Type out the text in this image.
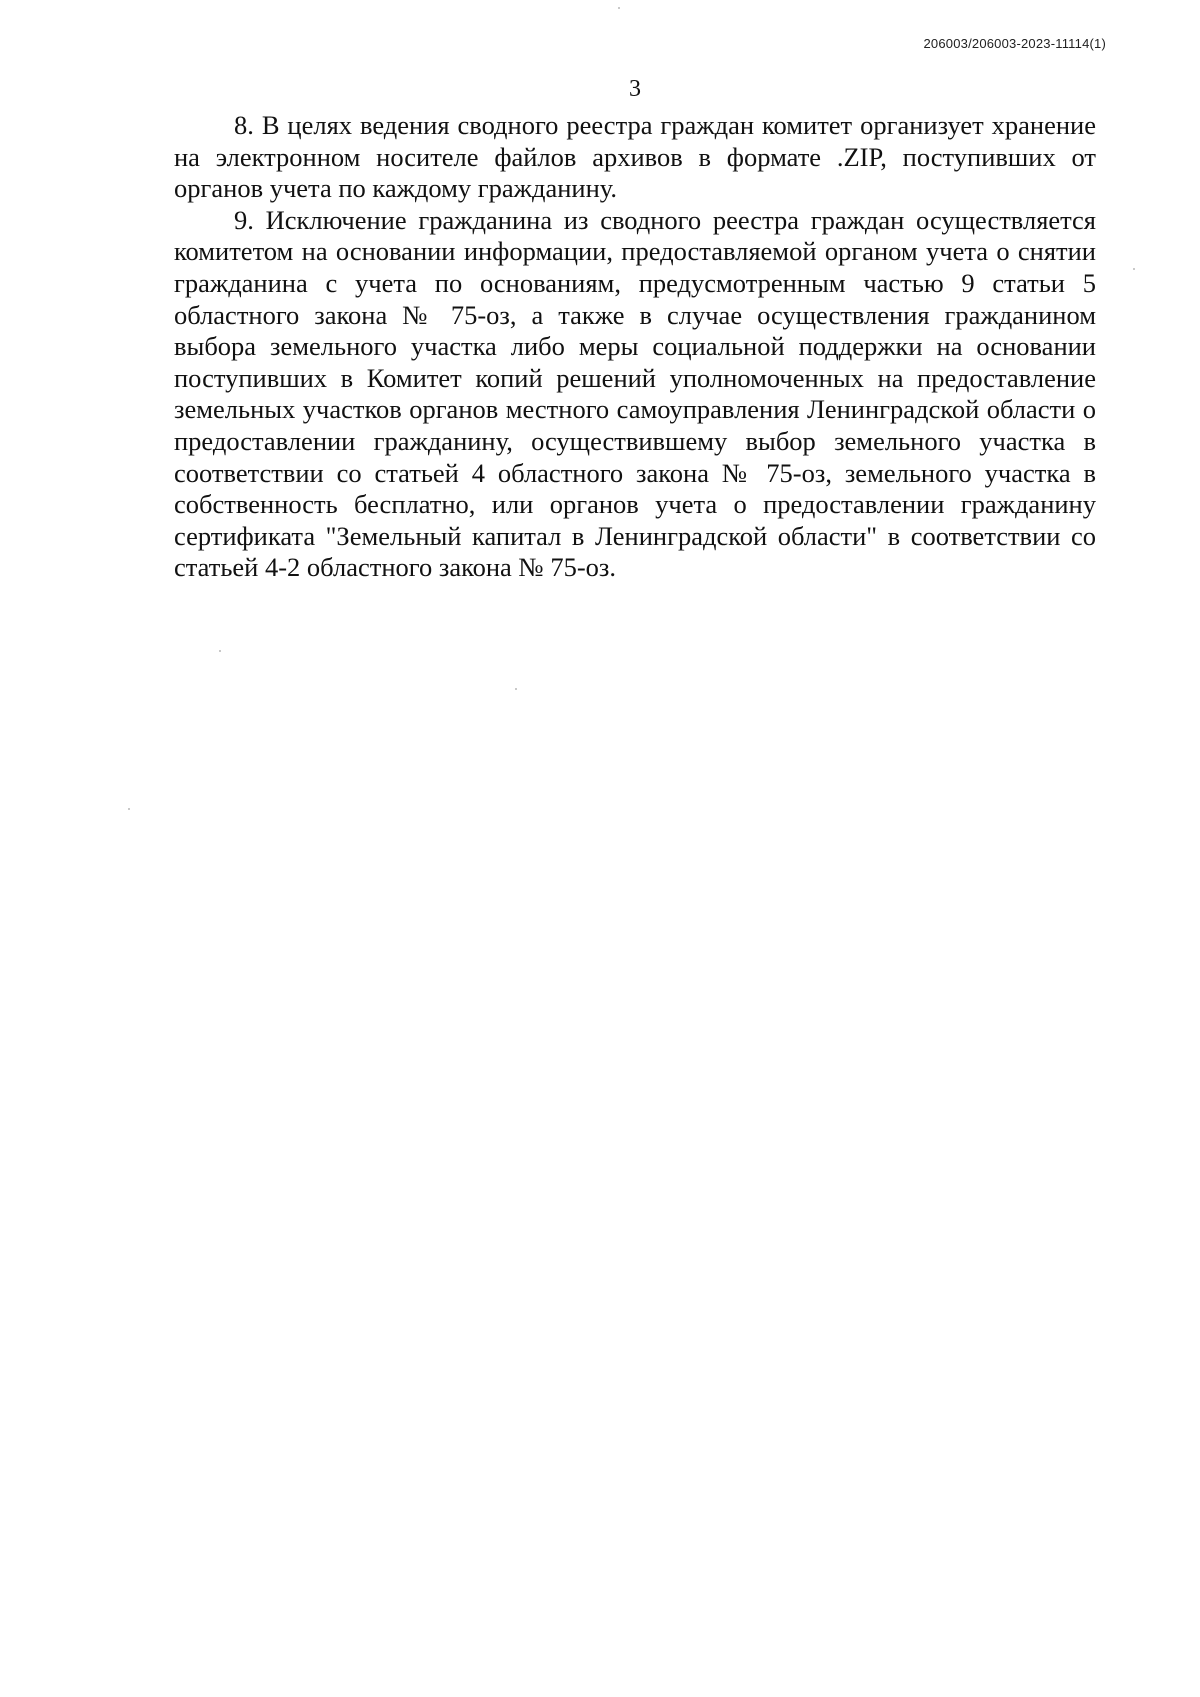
206003/206003-2023-11114(1)
3

8. В целях ведения сводного реестра граждан комитет организует хранение на электронном носителе файлов архивов в формате .ZIP, поступивших от органов учета по каждому гражданину.

9. Исключение гражданина из сводного реестра граждан осуществляется комитетом на основании информации, предоставляемой органом учета о снятии гражданина с учета по основаниям, предусмотренным частью 9 статьи 5 областного закона № 75-оз, а также в случае осуществления гражданином выбора земельного участка либо меры социальной поддержки на основании поступивших в Комитет копий решений уполномоченных на предоставление земельных участков органов местного самоуправления Ленинградской области о предоставлении гражданину, осуществившему выбор земельного участка в соответствии со статьей 4 областного закона № 75-оз, земельного участка в собственность бесплатно, или органов учета о предоставлении гражданину сертификата "Земельный капитал в Ленинградской области" в соответствии со статьей 4-2 областного закона № 75-оз.
